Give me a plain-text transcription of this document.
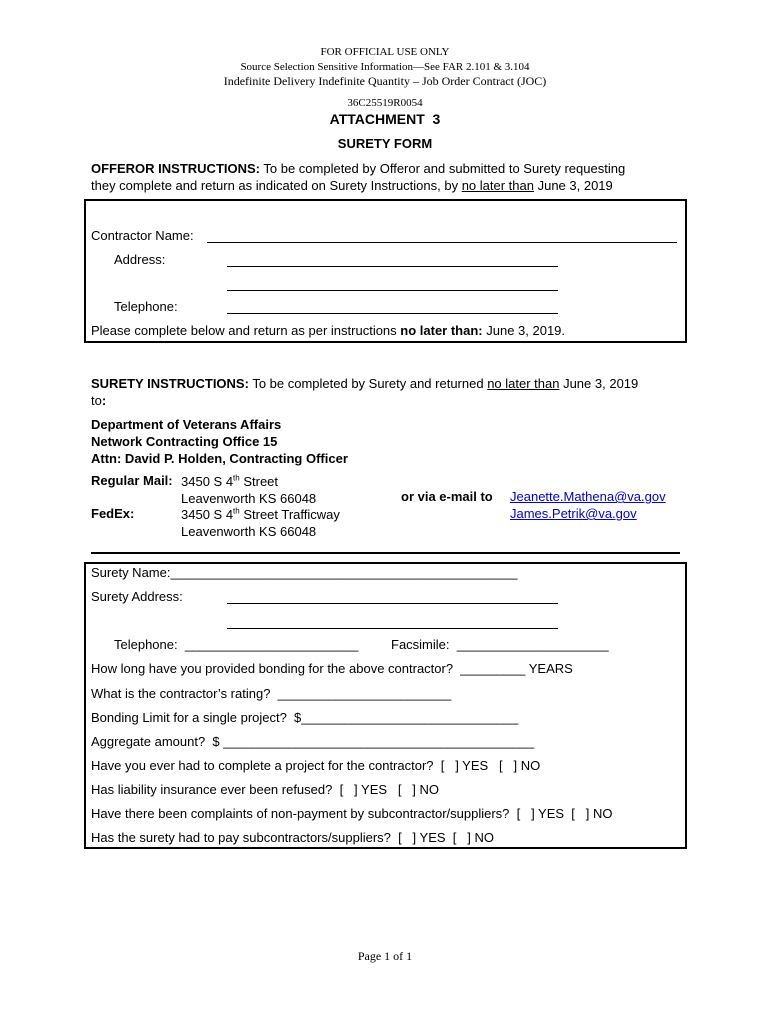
FOR OFFICIAL USE ONLY
Source Selection Sensitive Information—See FAR 2.101 & 3.104
Indefinite Delivery Indefinite Quantity – Job Order Contract (JOC)
36C25519R0054
ATTACHMENT  3
SURETY FORM
OFFEROR INSTRUCTIONS: To be completed by Offeror and submitted to Surety requesting
they complete and return as indicated on Surety Instructions, by no later than June 3, 2019
Contractor Name:
Address:
Telephone:
Please complete below and return as per instructions no later than: June 3, 2019.
SURETY INSTRUCTIONS: To be completed by Surety and returned no later than June 3, 2019
to:
Department of Veterans Affairs
Network Contracting Office 15
Attn: David P. Holden, Contracting Officer
Regular Mail: 3450 S 4th Street
Leavenworth KS 66048
FedEx:	3450 S 4th Street Trafficway
Leavenworth KS 66048
or via e-mail to Jeanette.Mathena@va.gov
James.Petrik@va.gov
Surety Name:________________________________________________
Surety Address:
Telephone:  ________________________	Facsimile:  _____________________
How long have you provided bonding for the above contractor?  _________ YEARS
What is the contractor’s rating?  ________________________
Bonding Limit for a single project?  $______________________________
Aggregate amount?  $ ___________________________________________
Have you ever had to complete a project for the contractor?  [   ] YES   [   ] NO
Has liability insurance ever been refused?  [   ] YES   [   ] NO
Have there been complaints of non-payment by subcontractor/suppliers?  [   ] YES  [   ] NO
Has the surety had to pay subcontractors/suppliers?  [   ] YES  [   ] NO
Page 1 of 1
